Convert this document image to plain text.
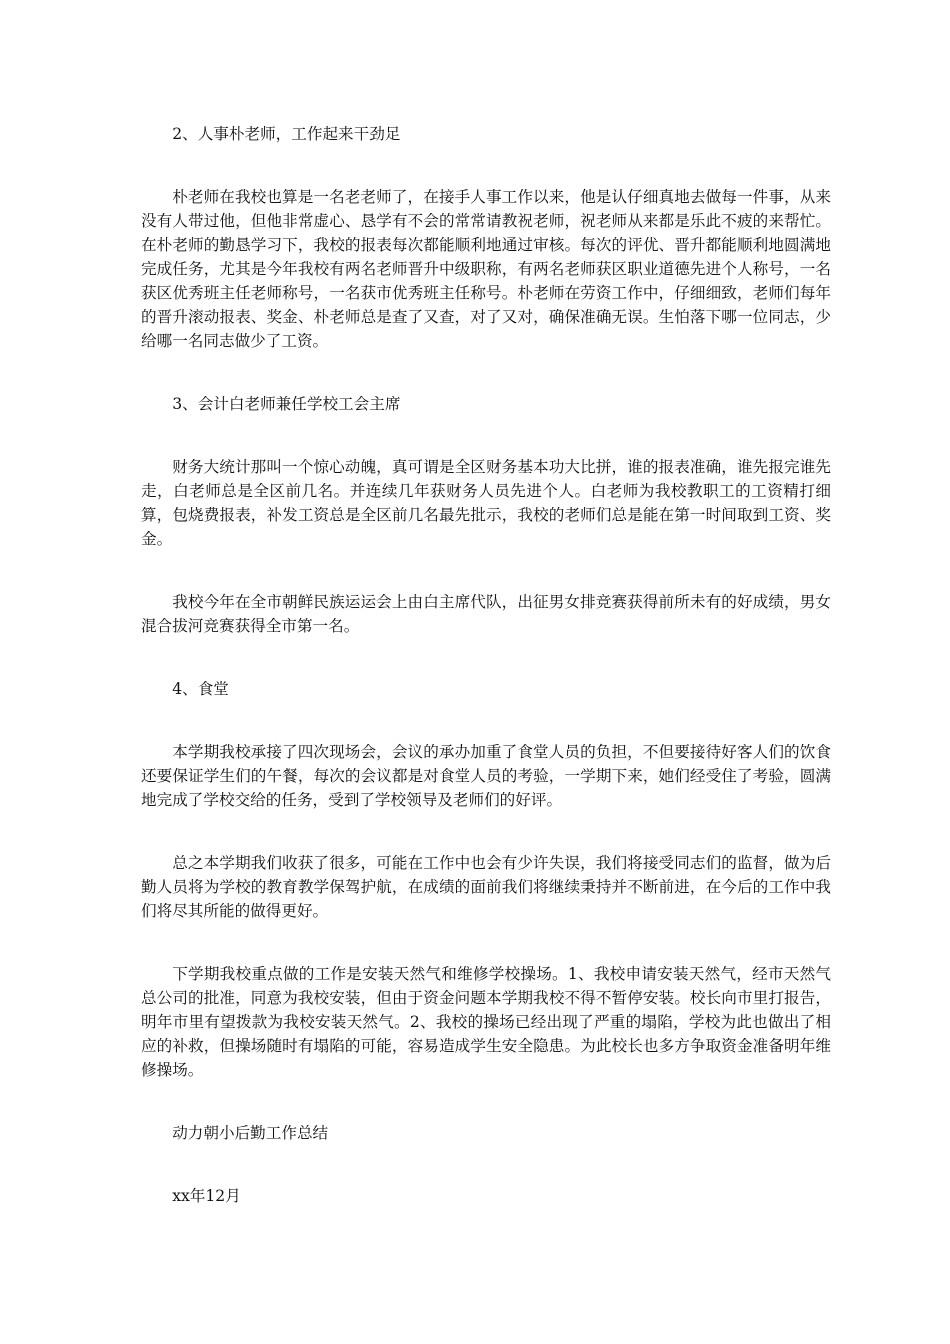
2、人事朴老师，工作起来干劲足

朴老师在我校也算是一名老老师了，在接手人事工作以来，他是认仔细真地去做每一件事，从来没有人带过他，但他非常虚心、恳学有不会的常常请教祝老师，祝老师从来都是乐此不疲的来帮忙。在朴老师的勤恳学习下，我校的报表每次都能顺利地通过审核。每次的评优、晋升都能顺利地圆满地完成任务，尤其是今年我校有两名老师晋升中级职称，有两名老师获区职业道德先进个人称号，一名获区优秀班主任老师称号，一名获市优秀班主任称号。朴老师在劳资工作中，仔细细致，老师们每年的晋升滚动报表、奖金、朴老师总是查了又查，对了又对，确保准确无误。生怕落下哪一位同志，少给哪一名同志做少了工资。

3、会计白老师兼任学校工会主席

财务大统计那叫一个惊心动魄，真可谓是全区财务基本功大比拼，谁的报表准确，谁先报完谁先走，白老师总是全区前几名。并连续几年获财务人员先进个人。白老师为我校教职工的工资精打细算，包烧费报表，补发工资总是全区前几名最先批示，我校的老师们总是能在第一时间取到工资、奖金。

我校今年在全市朝鲜民族运运会上由白主席代队，出征男女排竞赛获得前所未有的好成绩，男女混合拔河竞赛获得全市第一名。

4、食堂

本学期我校承接了四次现场会，会议的承办加重了食堂人员的负担，不但要接待好客人们的饮食还要保证学生们的午餐，每次的会议都是对食堂人员的考验，一学期下来，她们经受住了考验，圆满地完成了学校交给的任务，受到了学校领导及老师们的好评。

总之本学期我们收获了很多，可能在工作中也会有少许失误，我们将接受同志们的监督，做为后勤人员将为学校的教育教学保驾护航，在成绩的面前我们将继续秉持并不断前进，在今后的工作中我们将尽其所能的做得更好。

下学期我校重点做的工作是安装天然气和维修学校操场。1、我校申请安装天然气，经市天然气总公司的批准，同意为我校安装，但由于资金问题本学期我校不得不暂停安装。校长向市里打报告，明年市里有望拨款为我校安装天然气。2、我校的操场已经出现了严重的塌陷，学校为此也做出了相应的补救，但操场随时有塌陷的可能，容易造成学生安全隐患。为此校长也多方争取资金准备明年维修操场。

动力朝小后勤工作总结

xx年12月
